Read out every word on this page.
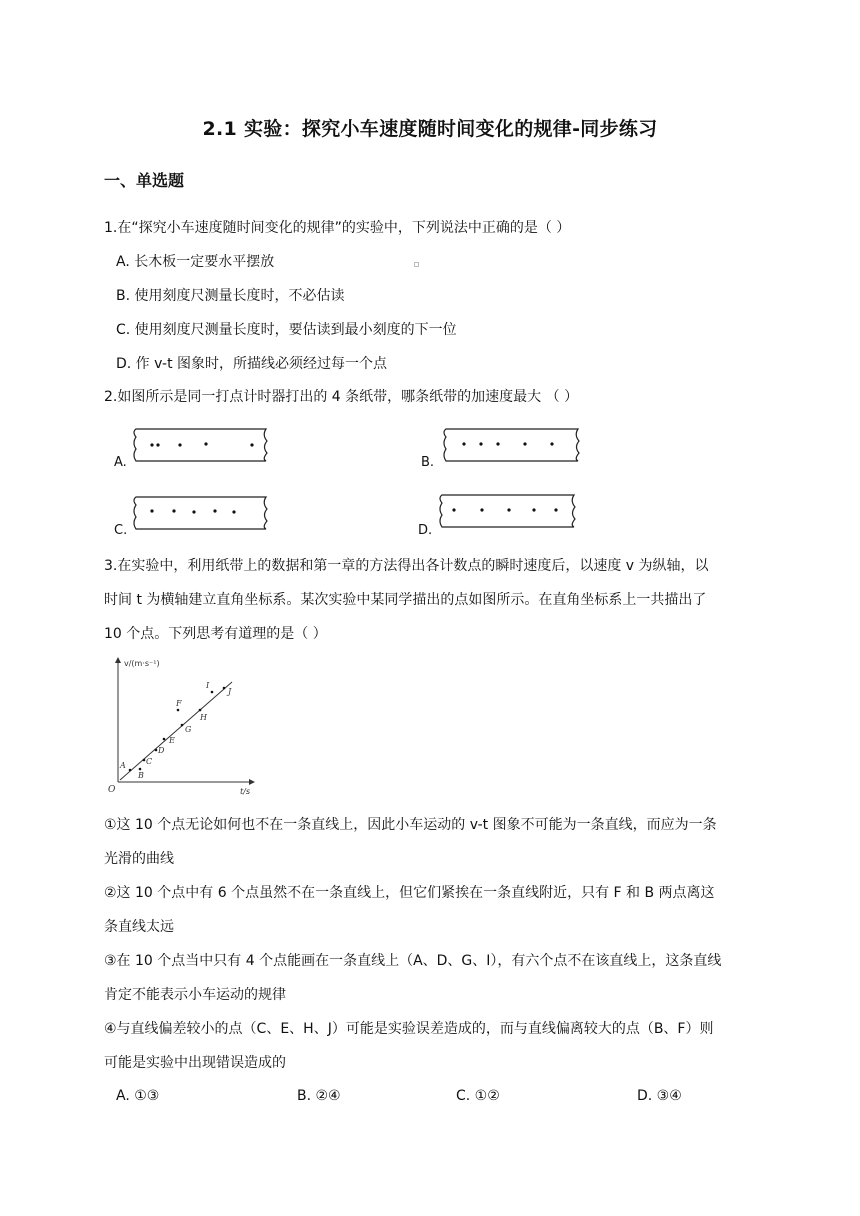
2.1 实验：探究小车速度随时间变化的规律-同步练习
一、单选题
1.在“探究小车速度随时间变化的规律”的实验中，下列说法中正确的是（ ）
A. 长木板一定要水平摆放
B. 使用刻度尺测量长度时，不必估读
C. 使用刻度尺测量长度时，要估读到最小刻度的下一位
D. 作 v-t 图象时，所描线必须经过每一个点
2.如图所示是同一打点计时器打出的 4 条纸带，哪条纸带的加速度最大 （ ）
A.	B.
C.	D.
3.在实验中，利用纸带上的数据和第一章的方法得出各计数点的瞬时速度后，以速度 v 为纵轴，以
时间 t 为横轴建立直角坐标系。某次实验中某同学描出的点如图所示。在直角坐标系上一共描出了
10 个点。下列思考有道理的是（ ）
v/(m·s⁻¹)
t/s
O
A
B
C
D
E
F
G
H
I
J
①这 10 个点无论如何也不在一条直线上，因此小车运动的 v-t 图象不可能为一条直线，而应为一条
光滑的曲线
②这 10 个点中有 6 个点虽然不在一条直线上，但它们紧挨在一条直线附近，只有 F 和 B 两点离这
条直线太远
③在 10 个点当中只有 4 个点能画在一条直线上（A、D、G、I），有六个点不在该直线上，这条直线
肯定不能表示小车运动的规律
④与直线偏差较小的点（C、E、H、J）可能是实验误差造成的，而与直线偏离较大的点（B、F）则
可能是实验中出现错误造成的
A. ①③	B. ②④	C. ①②	D. ③④
